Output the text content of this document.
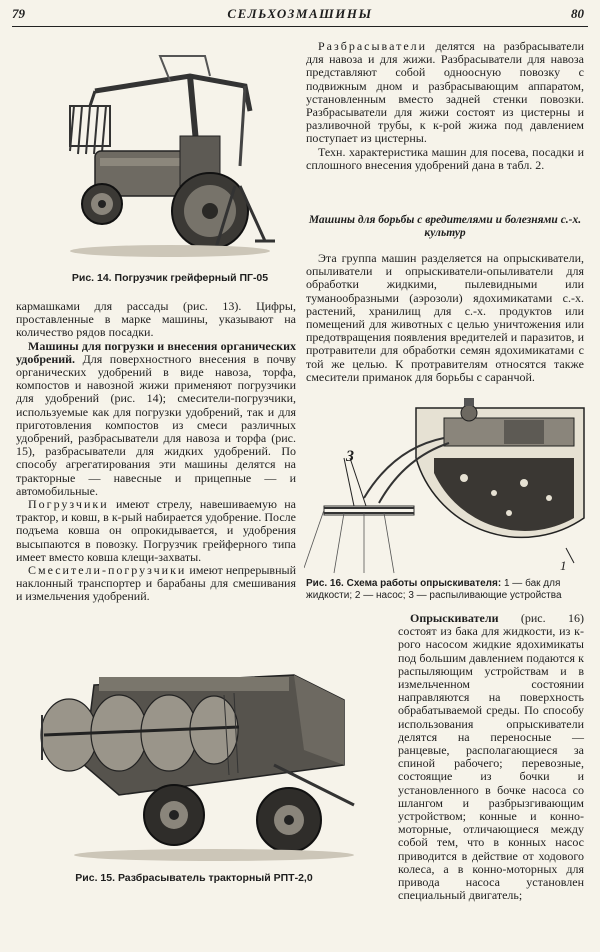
79	СЕЛЬХОЗМАШИНЫ	80
Рис. 14. Погрузчик грейферный ПГ-05

кармашками для рассады (рис. 13). Цифры, проставленные в марке машины, указывают на количество рядов посадки.

Машины для погрузки и внесения органических удобрений. Для поверхностного внесения в почву органических удобрений в виде навоза, торфа, компостов и навозной жижи применяют погрузчики для удобрений (рис. 14); смесители-погрузчики, используемые как для погрузки удобрений, так и для приготовления компостов из смеси различных удобрений, разбрасыватели для навоза и торфа (рис. 15), разбрасыватели для жидких удобрений. По способу агрегатирования эти машины делятся на тракторные — навесные и прицепные — и автомобильные.

Погрузчики имеют стрелу, навешиваемую на трактор, и ковш, в к-рый набирается удобрение. После подъема ковша он опрокидывается, и удобрения высыпаются в повозку. Погрузчик грейферного типа имеет вместо ковша клещи-захваты.

Смесители-погрузчики имеют непрерывный наклонный транспортер и барабаны для смешивания и измельчения удобрений.

Рис. 15. Разбрасыватель тракторный РПТ-2,0

Разбрасыватели делятся на разбрасыватели для навоза и для жижи. Разбрасыватели для навоза представляют собой одноосную повозку с подвижным дном и разбрасывающим аппаратом, установленным вместо задней стенки повозки. Разбрасыватели для жижи состоят из цистерны и разливочной трубы, к к-рой жижа под давлением поступает из цистерны.

Техн. характеристика машин для посева, посадки и сплошного внесения удобрений дана в табл. 2.

Машины для борьбы с вредителями и болезнями с.-х. культур

Эта группа машин разделяется на опрыскиватели, опыливатели и опрыскиватели-опыливатели для обработки жидкими, пылевидными или туманообразными (аэрозоли) ядохимикатами с.-х. растений, хранилищ для с.-х. продуктов или помещений для животных с целью уничтожения или предотвращения появления вредителей и паразитов, и протравители для обработки семян ядохимикатами с той же целью. К протравителям относятся также смесители приманок для борьбы с саранчой.

3
1
Рис. 16. Схема работы опрыскивателя: 1 — бак для жидкости; 2 — насос; 3 — распыливающие устройства

Опрыскиватели (рис. 16) состоят из бака для жидкости, из к-рого насосом жидкие ядохимикаты под большим давлением подаются к распыляющим устройствам и в измельченном состоянии направляются на поверхность обрабатываемой среды. По способу использования опрыскиватели делятся на переносные — ранцевые, располагающиеся за спиной рабочего; перевозные, состоящие из бочки и установленного в бочке насоса со шлангом и разбрызгивающим устройством; конные и конно-моторные, отличающиеся между собой тем, что в конных насос приводится в действие от ходового колеса, а в конно-моторных для привода насоса установлен специальный двигатель;
